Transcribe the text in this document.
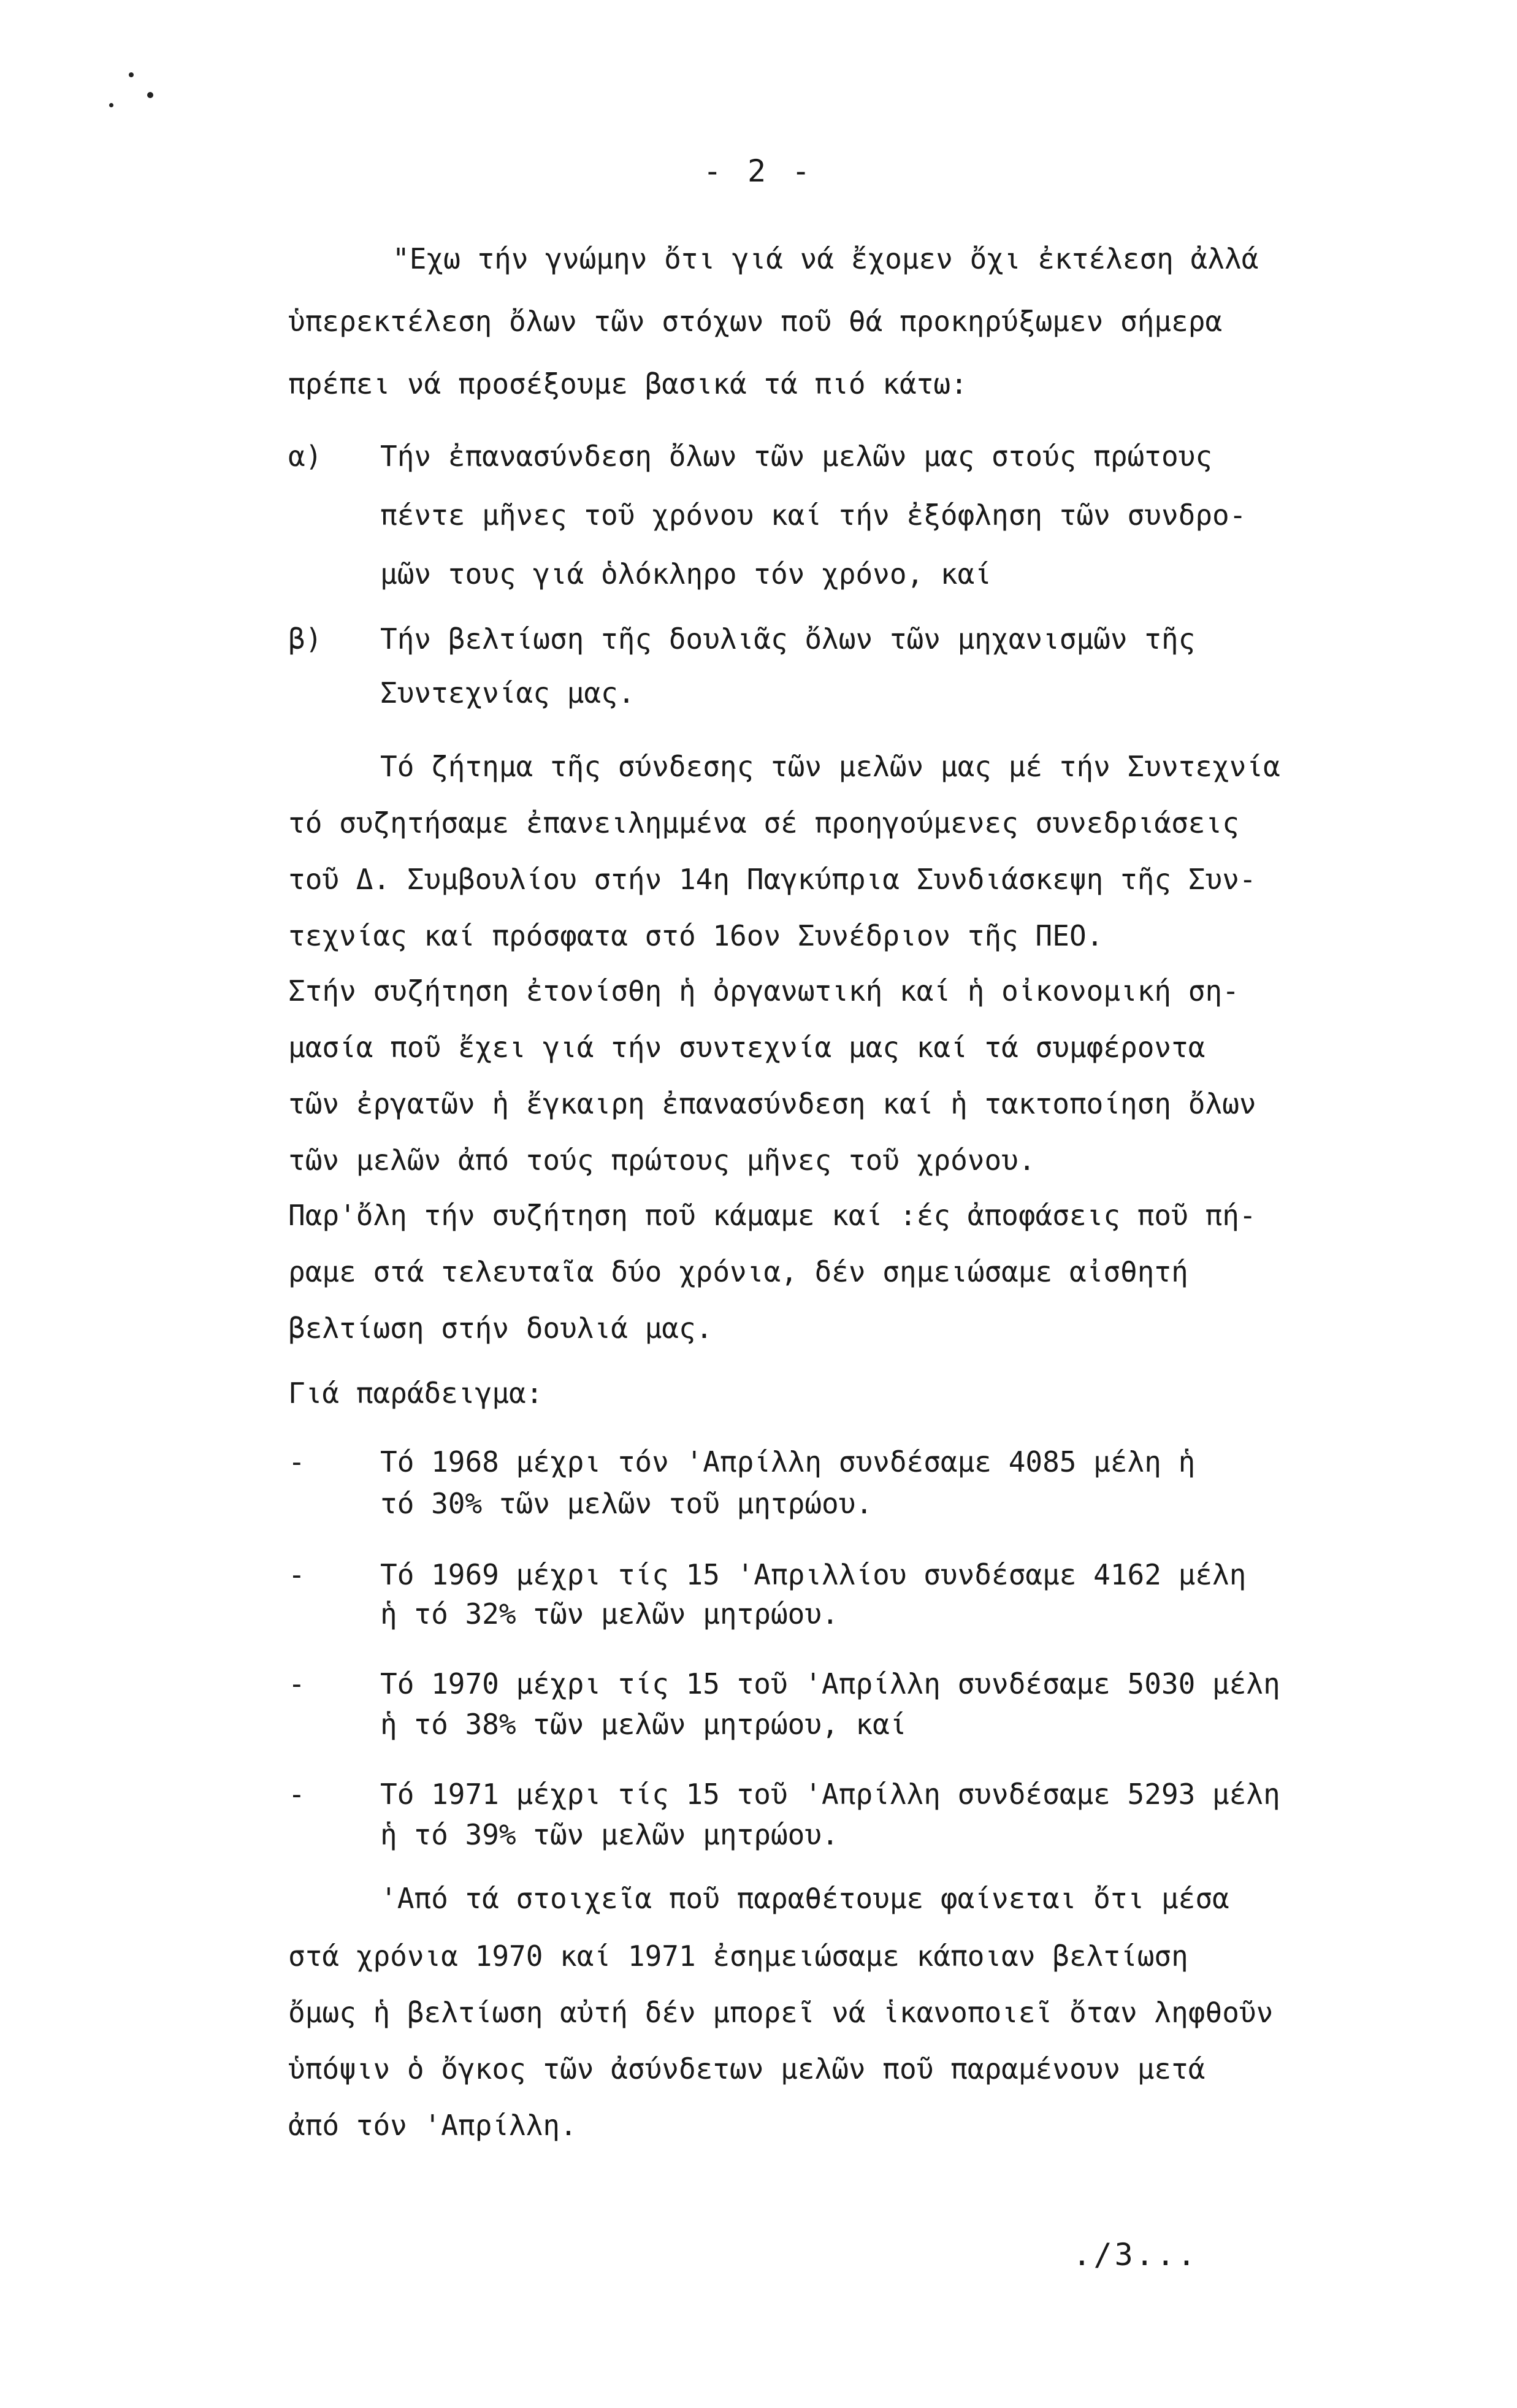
- 2 -
"Εχω τήν γνώμην ὄτι γιά νά ἔχομεν ὄχι ἐκτέλεση ἀλλά
ὑπερεκτέλεση ὄλων τῶν στόχων ποῦ θά προκηρύξωμεν σήμερα
πρέπει νά προσέξουμε βασικά τά πιό κάτω:
α) Τήν ἐπανασύνδεση ὄλων τῶν μελῶν μας στούς πρώτους
πέντε μῆνες τοῦ χρόνου καί τήν ἐξόφληση τῶν συνδρο-
μῶν τους γιά ὁλόκληρο τόν χρόνο, καί
β) Τήν βελτίωση τῆς δουλιᾶς ὄλων τῶν μηχανισμῶν τῆς
Συντεχνίας μας.
Τό ζήτημα τῆς σύνδεσης τῶν μελῶν μας μέ τήν Συντεχνία
τό συζητήσαμε ἐπανειλημμένα σέ προηγούμενες συνεδριάσεις
τοῦ Δ. Συμβουλίου στήν 14η Παγκύπρια Συνδιάσκεψη τῆς Συν-
τεχνίας καί πρόσφατα στό 16ον Συνέδριον τῆς ΠΕΟ.
Στήν συζήτηση ἐτονίσθη ἡ ὀργανωτική καί ἡ οἰκονομική ση-
μασία ποῦ ἔχει γιά τήν συντεχνία μας καί τά συμφέροντα
τῶν ἐργατῶν ἡ ἔγκαιρη ἐπανασύνδεση καί ἡ τακτοποίηση ὄλων
τῶν μελῶν ἀπό τούς πρώτους μῆνες τοῦ χρόνου.
Παρ'ὄλη τήν συζήτηση ποῦ κάμαμε καί :ές ἀποφάσεις ποῦ πή-
ραμε στά τελευταῖα δύο χρόνια, δέν σημειώσαμε αἰσθητή
βελτίωση στήν δουλιά μας.
Γιά παράδειγμα:
-	Τό 1968 μέχρι τόν 'Απρίλλη συνδέσαμε 4085 μέλη ἡ
τό 30% τῶν μελῶν τοῦ μητρώου.
-	Τό 1969 μέχρι τίς 15 'Απριλλίου συνδέσαμε 4162 μέλη
ἡ τό 32% τῶν μελῶν μητρώου.
-	Τό 1970 μέχρι τίς 15 τοῦ 'Απρίλλη συνδέσαμε 5030 μέλη
ἡ τό 38% τῶν μελῶν μητρώου, καί
-	Τό 1971 μέχρι τίς 15 τοῦ 'Απρίλλη συνδέσαμε 5293 μέλη
ἡ τό 39% τῶν μελῶν μητρώου.
'Από τά στοιχεῖα ποῦ παραθέτουμε φαίνεται ὄτι μέσα
στά χρόνια 1970 καί 1971 ἐσημειώσαμε κάποιαν βελτίωση
ὄμως ἡ βελτίωση αὐτή δέν μπορεῖ νά ἱκανοποιεῖ ὄταν ληφθοῦν
ὑπόψιν ὁ ὄγκος τῶν ἀσύνδετων μελῶν ποῦ παραμένουν μετά
ἀπό τόν 'Απρίλλη.
./3...
